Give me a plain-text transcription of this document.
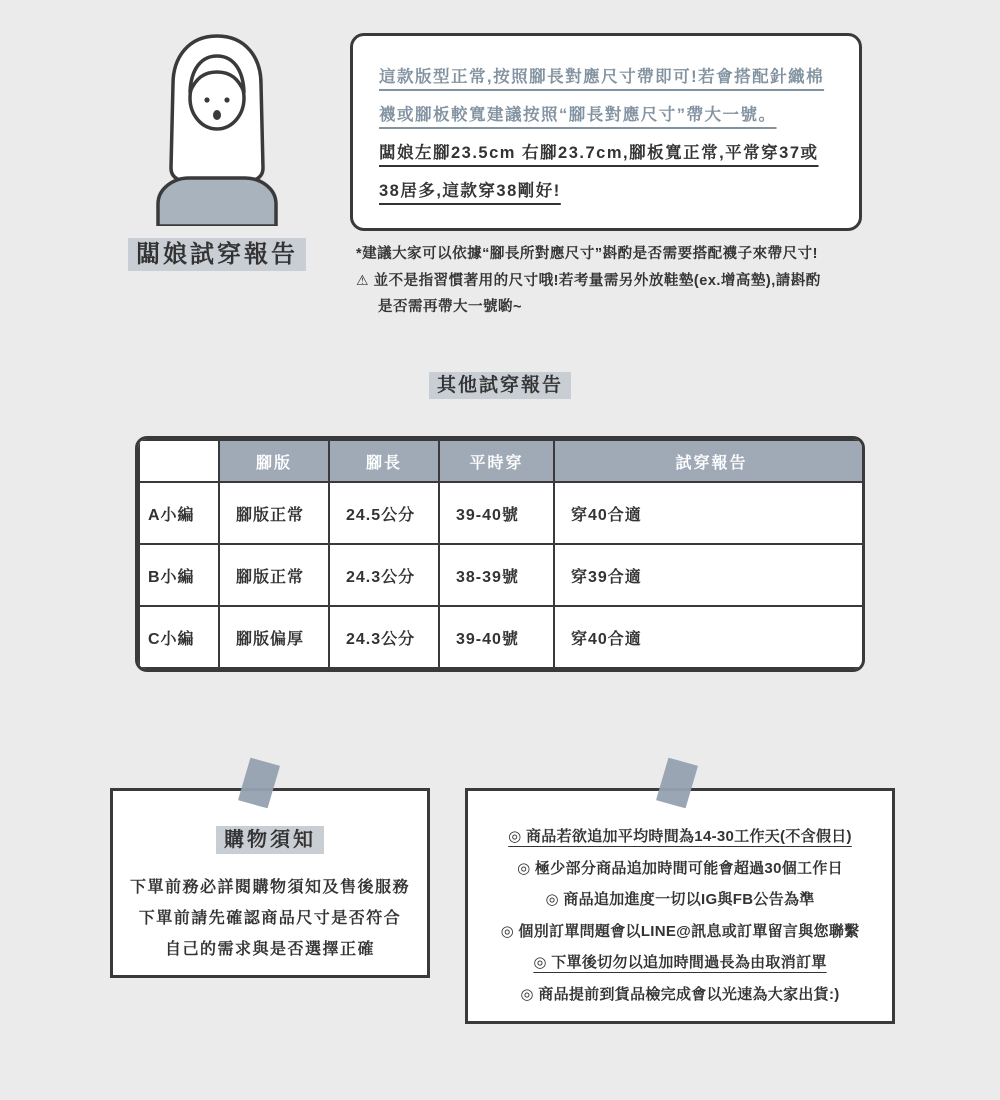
闆娘試穿報告

這款版型正常,按照腳長對應尺寸帶即可!若會搭配針織棉襪或腳板較寬建議按照“腳長對應尺寸”帶大一號。

闆娘左腳23.5cm 右腳23.7cm,腳板寬正常,平常穿37或38居多,這款穿38剛好!

*建議大家可以依據“腳長所對應尺寸”斟酌是否需要搭配襪子來帶尺寸!

⚠ 並不是指習慣著用的尺寸哦!若考量需另外放鞋墊(ex.增高墊),請斟酌

是否需再帶大一號喲~

其他試穿報告
	腳版	腳長	平時穿	試穿報告
A小編	腳版正常	24.5公分	39-40號	穿40合適
B小編	腳版正常	24.3公分	38-39號	穿39合適
C小編	腳版偏厚	24.3公分	39-40號	穿40合適
購物須知

下單前務必詳閱購物須知及售後服務

下單前請先確認商品尺寸是否符合

自己的需求與是否選擇正確

◎ 商品若欲追加平均時間為14-30工作天(不含假日)
◎ 極少部分商品追加時間可能會超過30個工作日
◎ 商品追加進度一切以IG與FB公告為準
◎ 個別訂單問題會以LINE@訊息或訂單留言與您聯繫
◎ 下單後切勿以追加時間過長為由取消訂單
◎ 商品提前到貨品檢完成會以光速為大家出貨:)
